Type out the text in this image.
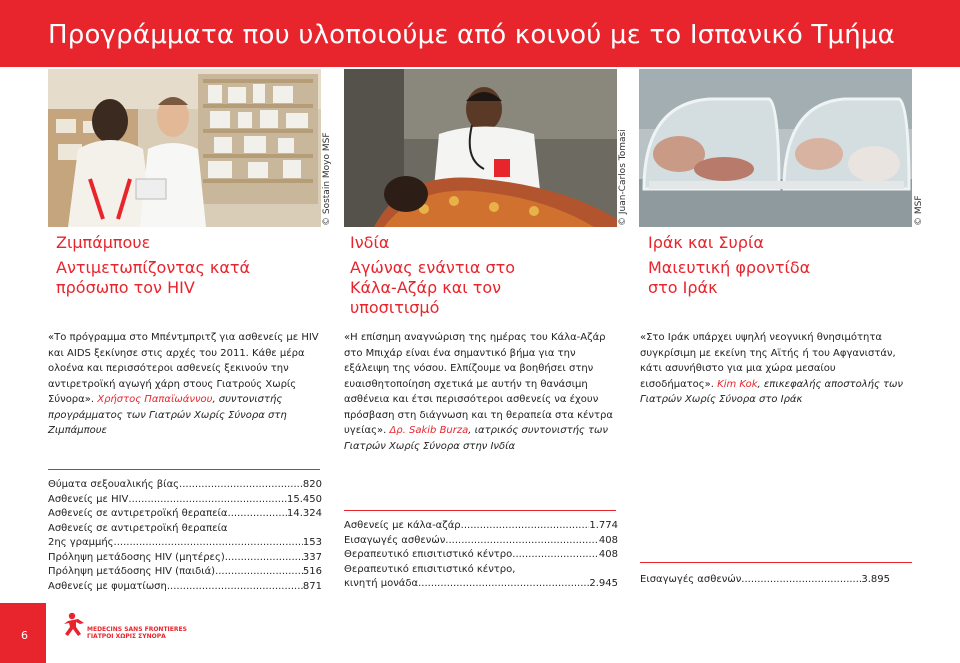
Προγράμματα που υλοποιούμε από κοινού με το Ισπανικό Τμήμα
© Sostain Moyo MSF
Ζιμπάμπουε
Αντιμετωπίζοντας κατά
πρόσωπο τον HIV
«Το πρόγραμμα στο Μπέντμπριτζ για ασθενείς με HIV και AIDS ξεκίνησε στις αρχές του 2011. Κάθε μέρα ολοένα και περισσότεροι ασθενείς ξεκινούν την αντιρετροϊκή αγωγή χάρη στους Γιατρούς Χωρίς Σύνορα». Χρήστος Παπαϊωάννου, συντονιστής προγράμματος των Γιατρών Χωρίς Σύνορα στη Ζιμπάμπουε
Θύματα σεξουαλικής βίας .....	820
Ασθενείς με HIV .....	15.450
Ασθενείς σε αντιρετροϊκή θεραπεία .....	14.324
Ασθενείς σε αντιρετροϊκή θεραπεία
2ης γραμμής .....	153
Πρόληψη μετάδοσης HIV (μητέρες) .....	337
Πρόληψη μετάδοσης HIV (παιδιά) .....	516
Ασθενείς με φυματίωση .....	871
© Juan-Carlos Tomasi
Ινδία
Αγώνας ενάντια στο
Κάλα-Αζάρ και τον
υποσιτισμό
«Η επίσημη αναγνώριση της ημέρας του Κάλα-Αζάρ στο Μπιχάρ είναι ένα σημαντικό βήμα για την εξάλειψη της νόσου. Ελπίζουμε να βοηθήσει στην ευαισθητοποίηση σχετικά με αυτήν τη θανάσιμη ασθένεια και έτσι περισσότεροι ασθενείς να έχουν πρόσβαση στη διάγνωση και τη θεραπεία στα κέντρα υγείας». Δρ. Sakib Burza, ιατρικός συντονιστής των Γιατρών Χωρίς Σύνορα στην Ινδία
Ασθενείς με κάλα-αζάρ .....	1.774
Εισαγωγές ασθενών .....	408
Θεραπευτικό επισιτιστικό κέντρο .....	408
Θεραπευτικό επισιτιστικό κέντρο,
κινητή μονάδα .....	2.945
© MSF
Ιράκ και Συρία
Μαιευτική φροντίδα
στο Ιράκ
«Στο Ιράκ υπάρχει υψηλή νεογνική θνησιμότητα συγκρίσιμη με εκείνη της Αϊτής ή του Αφγανιστάν, κάτι ασυνήθιστο για μια χώρα μεσαίου εισοδήματος». Kim Kok, επικεφαλής αποστολής των Γιατρών Χωρίς Σύνορα στο Ιράκ
Εισαγωγές ασθενών .....	3.895
6	MEDECINS SANS FRONTIERES
ΓΙΑΤΡΟΙ ΧΩΡΙΣ ΣΥΝΟΡΑ
